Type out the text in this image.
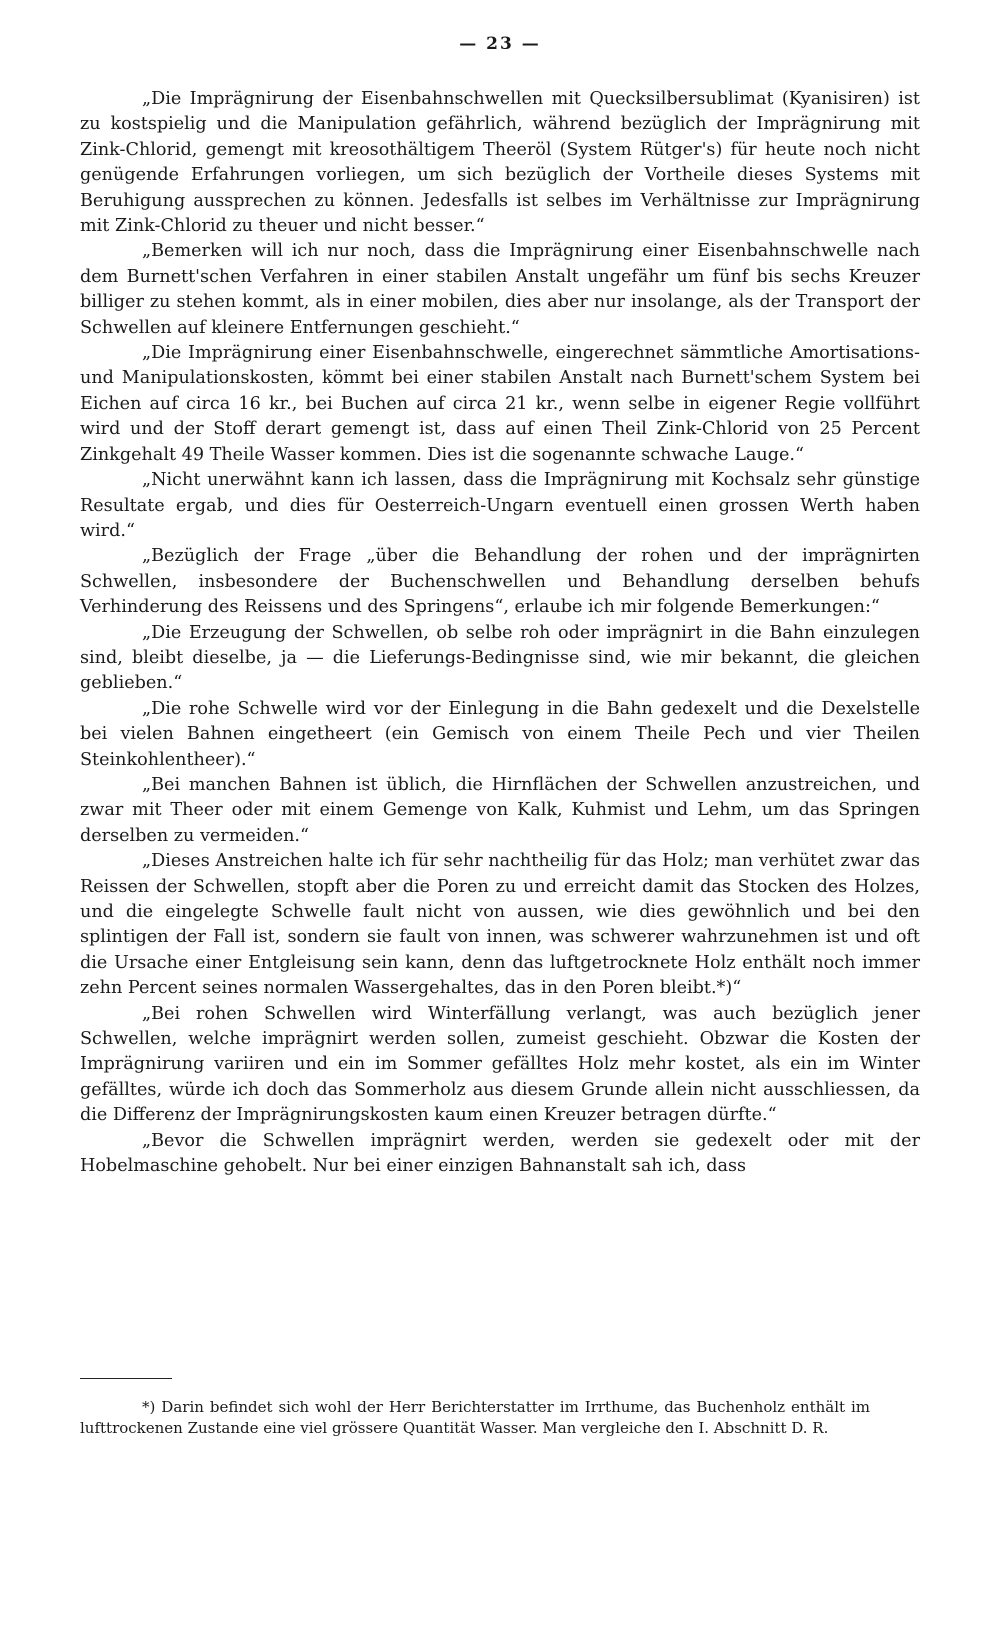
— 23 —

„Die Imprägnirung der Eisenbahnschwellen mit Quecksilbersublimat (Kyanisiren) ist zu kostspielig und die Manipulation gefährlich, während bezüglich der Imprägnirung mit Zink-Chlorid, gemengt mit kreosothältigem Theeröl (System Rütger's) für heute noch nicht genügende Erfahrungen vorliegen, um sich bezüglich der Vortheile dieses Systems mit Beruhigung aussprechen zu können. Jedesfalls ist selbes im Verhältnisse zur Imprägnirung mit Zink-Chlorid zu theuer und nicht besser.“

„Bemerken will ich nur noch, dass die Imprägnirung einer Eisenbahnschwelle nach dem Burnett'schen Verfahren in einer stabilen Anstalt ungefähr um fünf bis sechs Kreuzer billiger zu stehen kommt, als in einer mobilen, dies aber nur insolange, als der Transport der Schwellen auf kleinere Entfernungen geschieht.“

„Die Imprägnirung einer Eisenbahnschwelle, eingerechnet sämmtliche Amortisations- und Manipulationskosten, kömmt bei einer stabilen Anstalt nach Burnett'schem System bei Eichen auf circa 16 kr., bei Buchen auf circa 21 kr., wenn selbe in eigener Regie vollführt wird und der Stoff derart gemengt ist, dass auf einen Theil Zink-Chlorid von 25 Percent Zinkgehalt 49 Theile Wasser kommen. Dies ist die sogenannte schwache Lauge.“

„Nicht unerwähnt kann ich lassen, dass die Imprägnirung mit Kochsalz sehr günstige Resultate ergab, und dies für Oesterreich-Ungarn eventuell einen grossen Werth haben wird.“

„Bezüglich der Frage „über die Behandlung der rohen und der imprägnirten Schwellen, insbesondere der Buchenschwellen und Behandlung derselben behufs Verhinderung des Reissens und des Springens“, erlaube ich mir folgende Bemerkungen:“

„Die Erzeugung der Schwellen, ob selbe roh oder imprägnirt in die Bahn einzulegen sind, bleibt dieselbe, ja — die Lieferungs-Bedingnisse sind, wie mir bekannt, die gleichen geblieben.“

„Die rohe Schwelle wird vor der Einlegung in die Bahn gedexelt und die Dexelstelle bei vielen Bahnen eingetheert (ein Gemisch von einem Theile Pech und vier Theilen Steinkohlentheer).“

„Bei manchen Bahnen ist üblich, die Hirnflächen der Schwellen anzustreichen, und zwar mit Theer oder mit einem Gemenge von Kalk, Kuhmist und Lehm, um das Springen derselben zu vermeiden.“

„Dieses Anstreichen halte ich für sehr nachtheilig für das Holz; man verhütet zwar das Reissen der Schwellen, stopft aber die Poren zu und erreicht damit das Stocken des Holzes, und die eingelegte Schwelle fault nicht von aussen, wie dies gewöhnlich und bei den splintigen der Fall ist, sondern sie fault von innen, was schwerer wahrzunehmen ist und oft die Ursache einer Entgleisung sein kann, denn das luftgetrocknete Holz enthält noch immer zehn Percent seines normalen Wassergehaltes, das in den Poren bleibt.*)“

„Bei rohen Schwellen wird Winterfällung verlangt, was auch bezüglich jener Schwellen, welche imprägnirt werden sollen, zumeist geschieht. Obzwar die Kosten der Imprägnirung variiren und ein im Sommer gefälltes Holz mehr kostet, als ein im Winter gefälltes, würde ich doch das Sommerholz aus diesem Grunde allein nicht ausschliessen, da die Differenz der Imprägnirungskosten kaum einen Kreuzer betragen dürfte.“

„Bevor die Schwellen imprägnirt werden, werden sie gedexelt oder mit der Hobelmaschine gehobelt. Nur bei einer einzigen Bahnanstalt sah ich, dass

*) Darin befindet sich wohl der Herr Berichterstatter im Irrthume, das Buchenholz enthält im lufttrockenen Zustande eine viel grössere Quantität Wasser. Man vergleiche den I. Abschnitt D. R.
